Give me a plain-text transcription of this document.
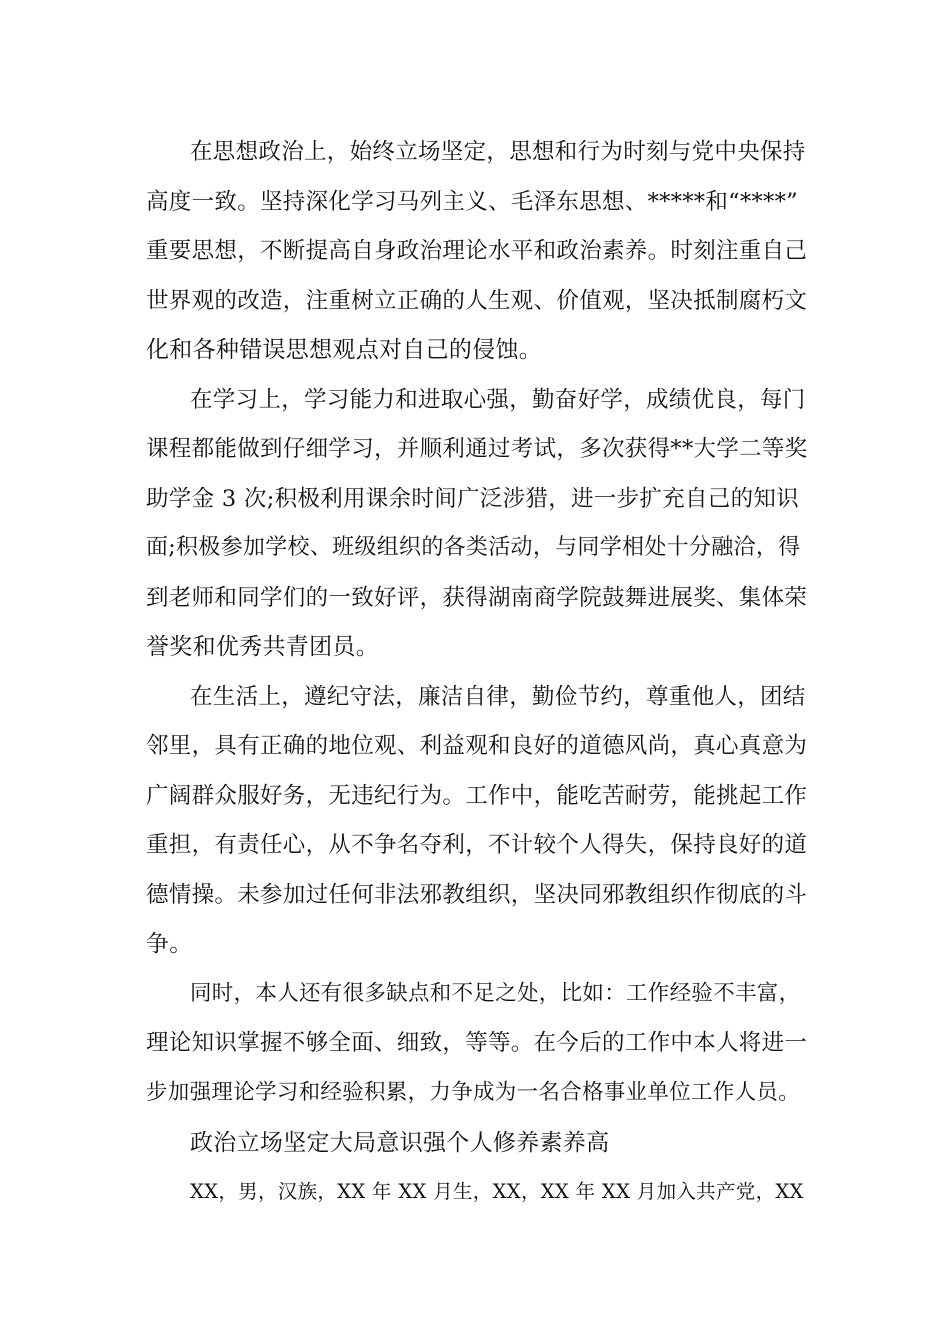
在思想政治上，始终立场坚定，思想和行为时刻与党中央保持
高度一致。坚持深化学习马列主义、毛泽东思想、*****和“****”
重要思想，不断提高自身政治理论水平和政治素养。时刻注重自己
世界观的改造，注重树立正确的人生观、价值观，坚决抵制腐朽文
化和各种错误思想观点对自己的侵蚀。
在学习上，学习能力和进取心强，勤奋好学，成绩优良，每门
课程都能做到仔细学习，并顺利通过考试，多次获得**大学二等奖
助学金 3 次;积极利用课余时间广泛涉猎，进一步扩充自己的知识
面;积极参加学校、班级组织的各类活动，与同学相处十分融洽，得
到老师和同学们的一致好评，获得湖南商学院鼓舞进展奖、集体荣
誉奖和优秀共青团员。
在生活上，遵纪守法，廉洁自律，勤俭节约，尊重他人，团结
邻里，具有正确的地位观、利益观和良好的道德风尚，真心真意为
广阔群众服好务，无违纪行为。工作中，能吃苦耐劳，能挑起工作
重担，有责任心，从不争名夺利，不计较个人得失，保持良好的道
德情操。未参加过任何非法邪教组织，坚决同邪教组织作彻底的斗
争。
同时，本人还有很多缺点和不足之处，比如：工作经验不丰富，
理论知识掌握不够全面、细致，等等。在今后的工作中本人将进一
步加强理论学习和经验积累，力争成为一名合格事业单位工作人员。
政治立场坚定大局意识强个人修养素养高
XX，男，汉族，XX 年 XX 月生，XX，XX 年 XX 月加入共产党，XX
